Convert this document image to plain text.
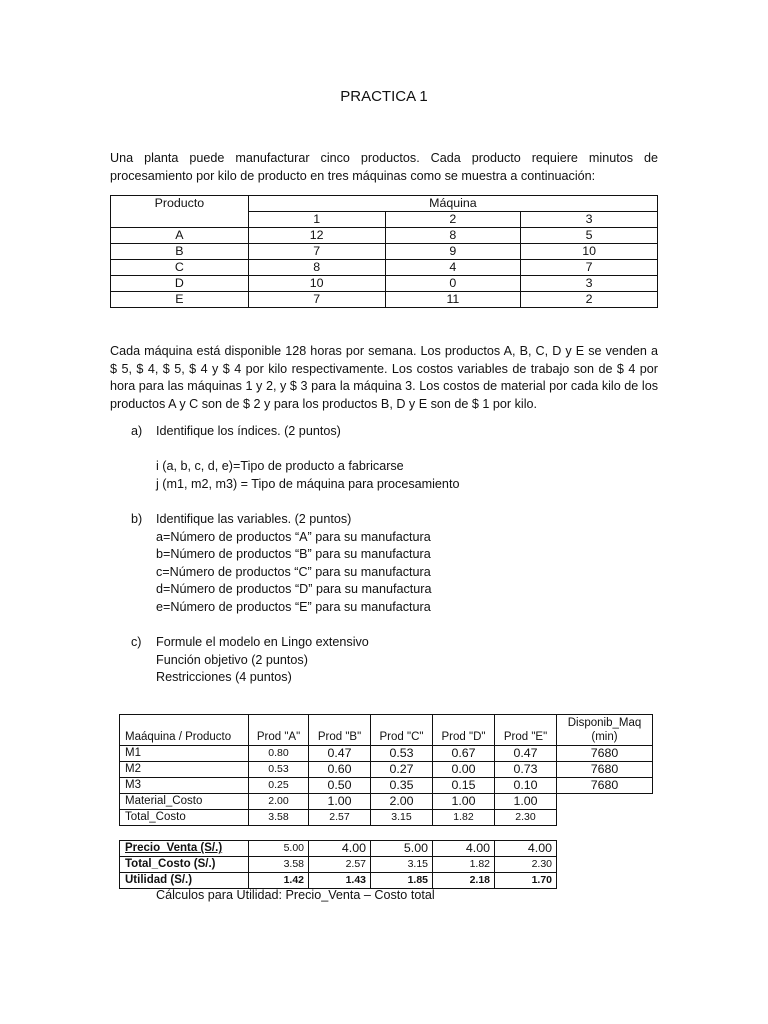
PRACTICA 1
Una planta puede manufacturar cinco productos. Cada producto requiere minutos de procesamiento por kilo de producto en tres máquinas como se muestra a continuación:
Producto	Máquina		
	1	2	3
A	12	8	5
B	7	9	10
C	8	4	7
D	10	0	3
E	7	11	2
Cada máquina está disponible 128 horas por semana. Los productos A, B, C, D y E se venden a $ 5, $ 4, $ 5, $ 4 y $ 4 por kilo respectivamente. Los costos variables de trabajo son de $ 4 por hora para las máquinas 1 y 2, y $ 3 para la máquina 3. Los costos de material por cada kilo de los productos A y C son de $ 2 y para los productos B, D y E son de $ 1 por kilo.
a) Identifique los índices. (2 puntos)
i (a, b, c, d, e)=Tipo de producto a fabricarse
j (m1, m2, m3) = Tipo de máquina para procesamiento
b) Identifique las variables. (2 puntos)
a=Número de productos “A” para su manufactura
b=Número de productos “B” para su manufactura
c=Número de productos “C” para su manufactura
d=Número de productos “D” para su manufactura
e=Número de productos “E” para su manufactura
c) Formule el modelo en Lingo extensivo
Función objetivo (2 puntos)
Restricciones (4 puntos)
Maáquina / Producto	Prod "A"	Prod "B"	Prod "C"	Prod "D"	Prod "E"	Disponib_Maq
(min)

M1	0.80	0.47	0.53	0.67	0.47	7680
M2	0.53	0.60	0.27	0.00	0.73	7680
M3	0.25	0.50	0.35	0.15	0.10	7680
Material_Costo	2.00	1.00	2.00	1.00	1.00	
Total_Costo	3.58	2.57	3.15	1.82	2.30	
Precio_Venta (S/.)	5.00	4.00	5.00	4.00	4.00
Total_Costo (S/.)	3.58	2.57	3.15	1.82	2.30
Utilidad (S/.)	1.42	1.43	1.85	2.18	1.70
Cálculos para Utilidad: Precio_Venta – Costo total
